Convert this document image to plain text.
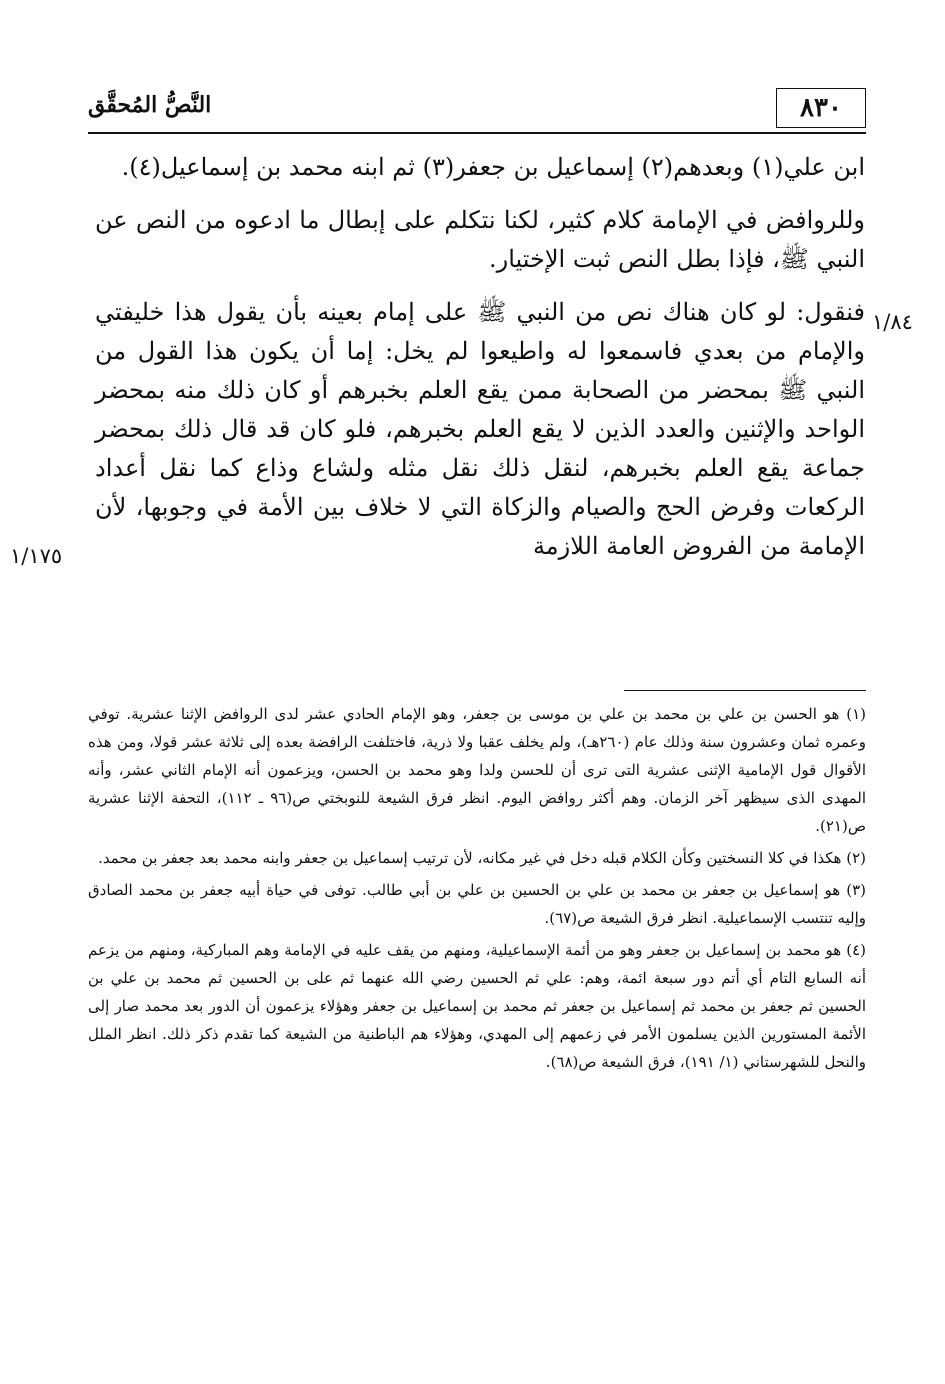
٨٣٠
النَّصُّ المُحقَّق
١/٨٤
١/١٧٥

ابن علي(١) وبعدهم(٢) إسماعيل بن جعفر(٣) ثم ابنه محمد بن إسماعيل(٤).

وللروافض في الإمامة كلام كثير، لكنا نتكلم على إبطال ما ادعوه من النص عن النبي ﷺ، فإذا بطل النص ثبت الإختيار.

فنقول: لو كان هناك نص من النبي ﷺ على إمام بعينه بأن يقول هذا خليفتي والإمام من بعدي فاسمعوا له واطيعوا لم يخل: إما أن يكون هذا القول من النبي ﷺ بمحضر من الصحابة ممن يقع العلم بخبرهم أو كان ذلك منه بمحضر الواحد والإثنين والعدد الذين لا يقع العلم بخبرهم، فلو كان قد قال ذلك بمحضر جماعة يقع العلم بخبرهم، لنقل ذلك نقل مثله ولشاع وذاع كما نقل أعداد الركعات وفرض الحج والصيام والزكاة التي لا خلاف بين الأمة في وجوبها، لأن الإمامة من الفروض العامة اللازمة

(١) هو الحسن بن علي بن محمد بن علي بن موسى بن جعفر، وهو الإمام الحادي عشر لدى الروافض الإثنا عشرية. توفي وعمره ثمان وعشرون سنة وذلك عام (٢٦٠هـ)، ولم يخلف عقبا ولا ذرية، فاختلفت الرافضة بعده إلى ثلاثة عشر قولا، ومن هذه الأقوال قول الإمامية الإثنى عشرية التى ترى أن للحسن ولدا وهو محمد بن الحسن، ويزعمون أنه الإمام الثاني عشر، وأنه المهدى الذى سيظهر آخر الزمان. وهم أكثر روافض اليوم. انظر فرق الشيعة للنوبختي ص(٩٦ ـ ١١٢)، التحفة الإثنا عشرية ص(٢١).

(٢) هكذا في كلا النسختين وكأن الكلام قبله دخل في غير مكانه، لأن ترتيب إسماعيل بن جعفر وابنه محمد بعد جعفر بن محمد.

(٣) هو إسماعيل بن جعفر بن محمد بن علي بن الحسين بن علي بن أبي طالب. توفى في حياة أبيه جعفر بن محمد الصادق وإليه تنتسب الإسماعيلية. انظر فرق الشيعة ص(٦٧).

(٤) هو محمد بن إسماعيل بن جعفر وهو من أئمة الإسماعيلية، ومنهم من يقف عليه في الإمامة وهم المباركية، ومنهم من يزعم أنه السابع التام أي أتم دور سبعة ائمة، وهم: علي ثم الحسين رضي الله عنهما ثم على بن الحسين ثم محمد بن علي بن الحسين ثم جعفر بن محمد ثم إسماعيل بن جعفر ثم محمد بن إسماعيل بن جعفر وهؤلاء يزعمون أن الدور بعد محمد صار إلى الأئمة المستورين الذين يسلمون الأمر في زعمهم إلى المهدي، وهؤلاء هم الباطنية من الشيعة كما تقدم ذكر ذلك. انظر الملل والنحل للشهرستاني (١/ ١٩١)، فرق الشيعة ص(٦٨).
